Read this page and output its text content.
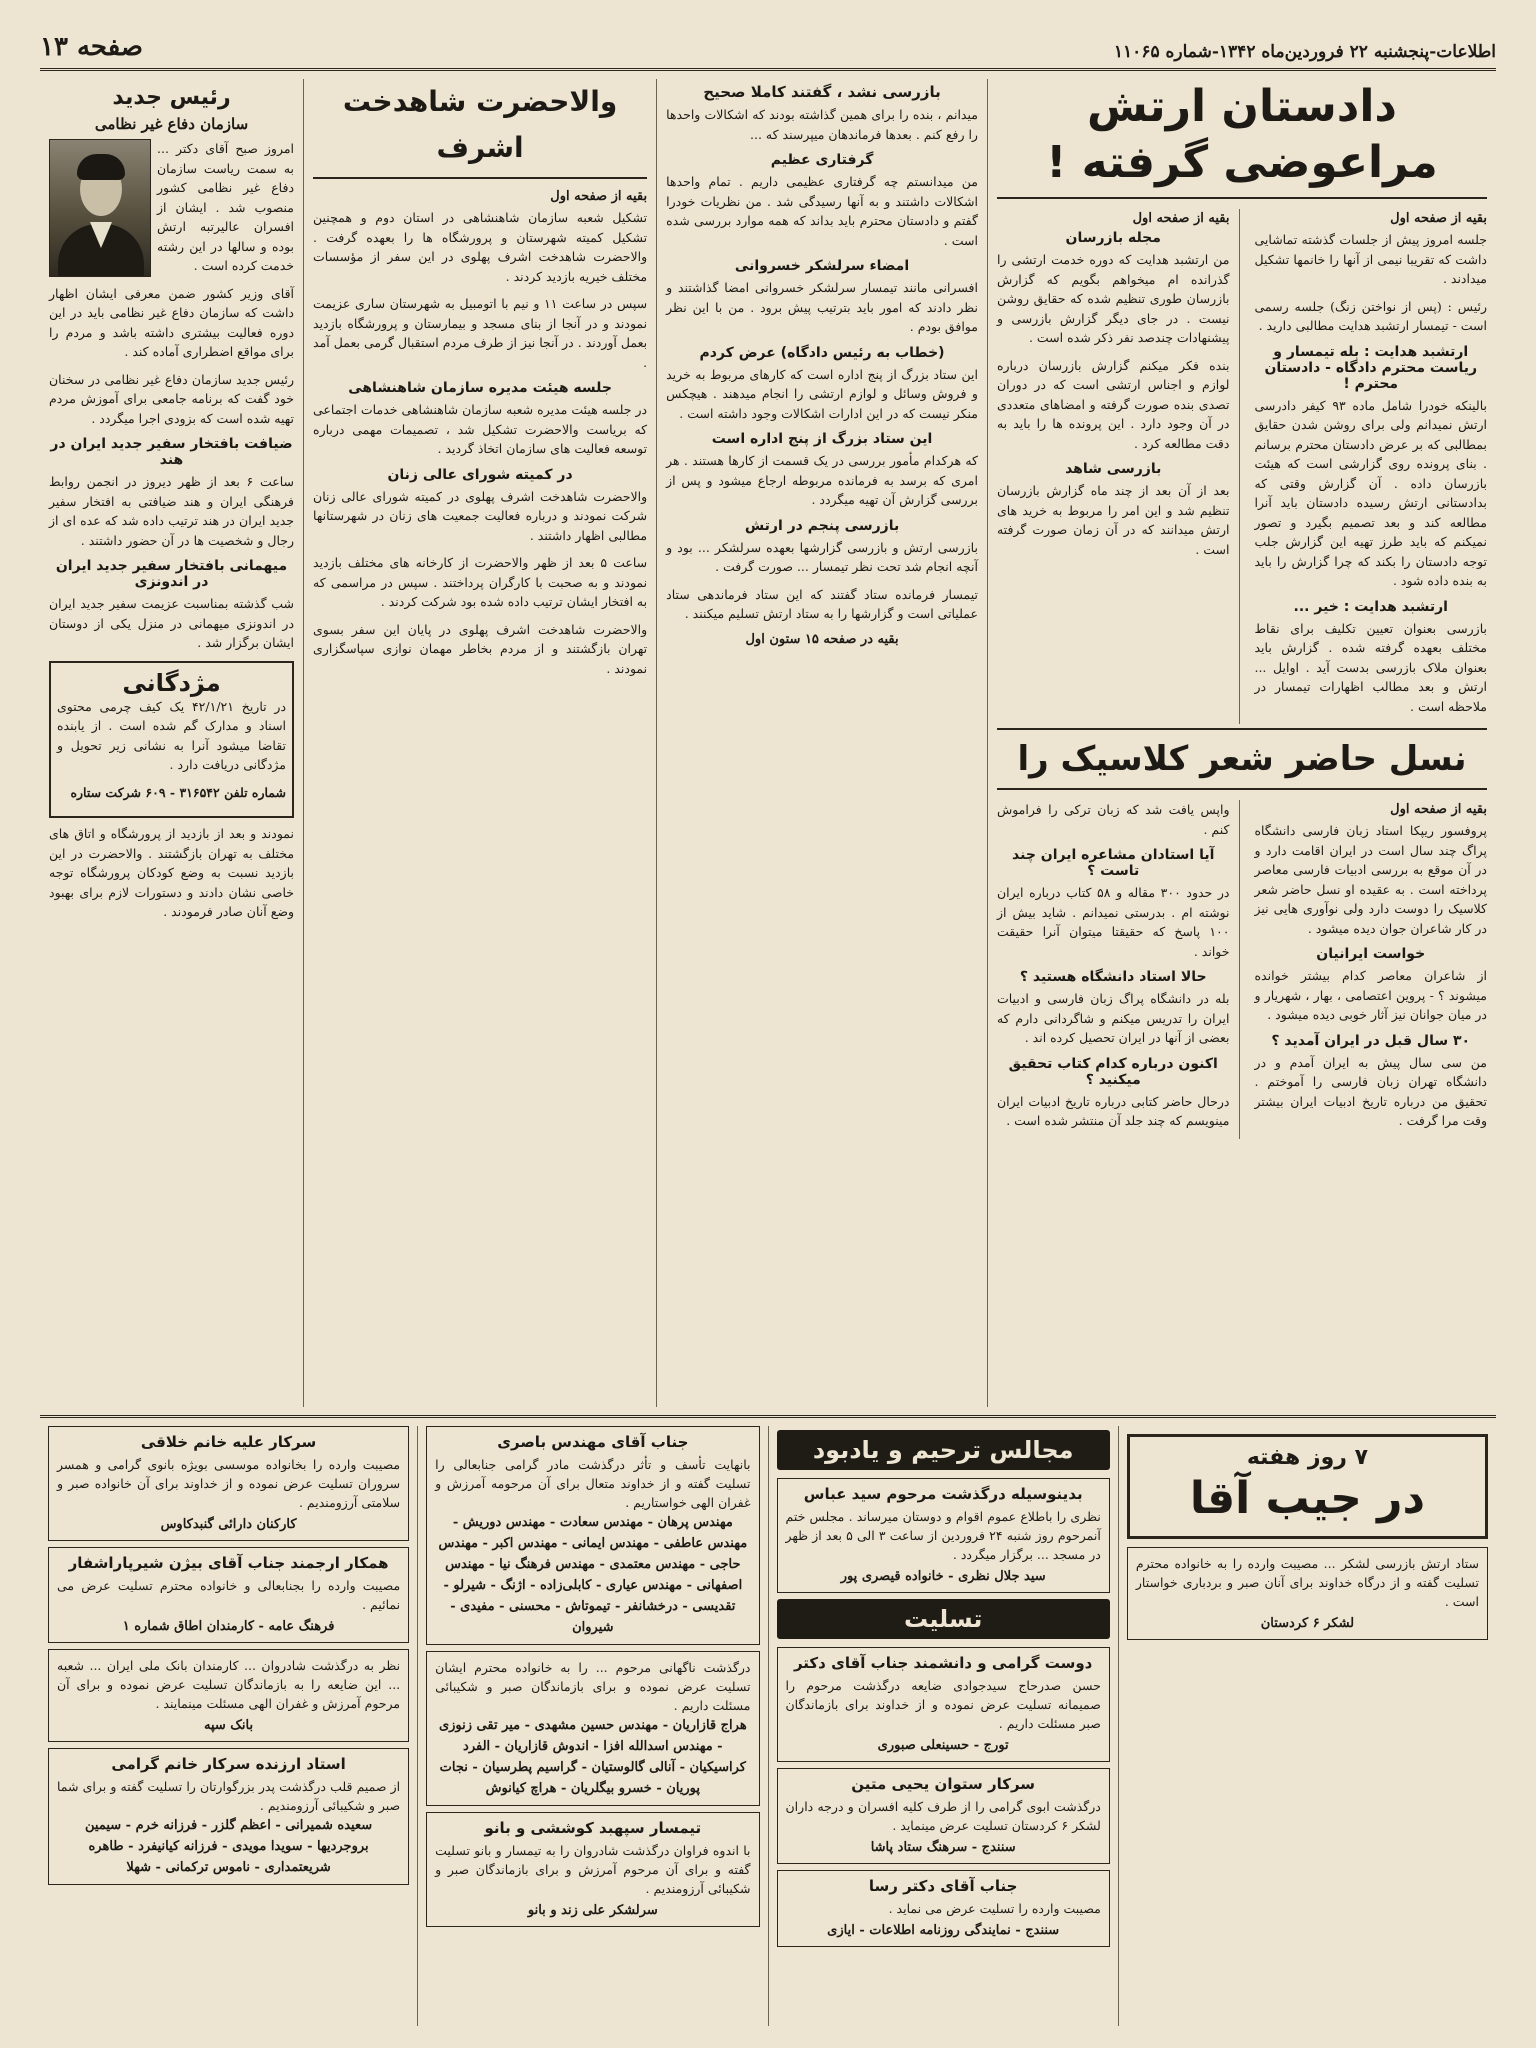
اطلاعات-پنجشنبه ۲۲ فروردین‌ماه ۱۳۴۲-شماره ۱۱۰۶۵
صفحه ۱۳
دادستان ارتش مراعوضی گرفته !
بقیه از صفحه اول

جلسه امروز پیش از جلسات گذشته تماشایی داشت که تقریبا نیمی از آنها را خانمها تشکیل میدادند .

رئیس : (پس از نواختن زنگ) جلسه رسمی است - تیمسار ارتشبد هدایت مطالبی دارید .

ارتشبد هدایت : بله تیمسار و ریاست محترم دادگاه - دادستان محترم !

بالینکه خودرا شامل ماده ۹۳ کیفر دادرسی ارتش نمیدانم ولی برای روشن شدن حقایق بمطالبی که بر عرض دادستان محترم برسانم . بنای پرونده روی گزارشی است که هیئت بازرسان داده . آن گزارش وقتی که بدادستانی ارتش رسیده دادستان باید آنرا مطالعه کند و بعد تصمیم بگیرد و تصور نمیکنم که باید طرز تهیه این گزارش جلب توجه دادستان را بکند که چرا گزارش را باید به بنده داده شود .

ارتشبد هدایت : خیر ...

بازرسی بعنوان تعیین تکلیف برای نقاط مختلف بعهده گرفته شده . گزارش باید بعنوان ملاک بازرسی بدست آید . اوایل ... ارتش و بعد مطالب اظهارات تیمسار در ملاحظه است .

بقیه از صفحه اول
مجله بازرسان

من ارتشبد هدایت که دوره خدمت ارتشی را گذرانده ام میخواهم بگویم که گزارش بازرسان طوری تنظیم شده که حقایق روشن نیست . در جای دیگر گزارش بازرسی و پیشنهادات چندصد نفر ذکر شده است .

بنده فکر میکنم گزارش بازرسان درباره لوازم و اجناس ارتشی است که در دوران تصدی بنده صورت گرفته و امضاهای متعددی در آن وجود دارد . این پرونده ها را باید به دقت مطالعه کرد .

بازرسی شاهد

بعد از آن بعد از چند ماه گزارش بازرسان تنظیم شد و این امر را مربوط به خرید های ارتش میدانند که در آن زمان صورت گرفته است .

نسل حاضر شعر کلاسیک را
بقیه از صفحه اول

پروفسور ریپکا استاد زبان فارسی دانشگاه پراگ چند سال است در ایران اقامت دارد و در آن موقع به بررسی ادبیات فارسی معاصر پرداخته است . به عقیده او نسل حاضر شعر کلاسیک را دوست دارد ولی نوآوری هایی نیز در کار شاعران جوان دیده میشود .

خواست ایرانیان

از شاعران معاصر کدام بیشتر خوانده میشوند ؟ - پروین اعتصامی ، بهار ، شهریار و در میان جوانان نیز آثار خوبی دیده میشود .

۳۰ سال قبل در ایران آمدید ؟

من سی سال پیش به ایران آمدم و در دانشگاه تهران زبان فارسی را آموختم . تحقیق من درباره تاریخ ادبیات ایران بیشتر وقت مرا گرفت .

واپس یافت شد که زبان ترکی را فراموش کنم .

آیا استادان مشاعره ایران چند تاست ؟

در حدود ۳۰۰ مقاله و ۵۸ کتاب درباره ایران نوشته ام . بدرستی نمیدانم . شاید بیش از ۱۰۰ پاسخ که حقیقتا میتوان آنرا حقیقت خواند .

حالا استاد دانشگاه هستید ؟

بله در دانشگاه پراگ زبان فارسی و ادبیات ایران را تدریس میکنم و شاگردانی دارم که بعضی از آنها در ایران تحصیل کرده اند .

اکنون درباره کدام کتاب تحقیق میکنید ؟

درحال حاضر کتابی درباره تاریخ ادبیات ایران مینویسم که چند جلد آن منتشر شده است .

بازرسی نشد ، گفتند کاملا صحیح

میدانم ، بنده را برای همین گذاشته بودند که اشکالات واحدها را رفع کنم . بعدها فرماندهان میپرسند که ...

گرفتاری عظیم

من میدانستم چه گرفتاری عظیمی داریم . تمام واحدها اشکالات داشتند و به آنها رسیدگی شد . من نظریات خودرا گفتم و دادستان محترم باید بداند که همه موارد بررسی شده است .

امضاء سرلشکر خسروانی

افسرانی مانند تیمسار سرلشکر خسروانی امضا گذاشتند و نظر دادند که امور باید بترتیب پیش برود . من با این نظر موافق بودم .

(خطاب به رئیس دادگاه) عرض کردم

این ستاد بزرگ از پنج اداره است که کارهای مربوط به خرید و فروش وسائل و لوازم ارتشی را انجام میدهند . هیچکس منکر نیست که در این ادارات اشکالات وجود داشته است .

این ستاد بزرگ از پنج اداره است

که هرکدام مأمور بررسی در یک قسمت از کارها هستند . هر امری که برسد به فرمانده مربوطه ارجاع میشود و پس از بررسی گزارش آن تهیه میگردد .

بازرسی پنجم در ارتش

بازرسی ارتش و بازرسی گزارشها بعهده سرلشکر ... بود و آنچه انجام شد تحت نظر تیمسار ... صورت گرفت .

تیمسار فرمانده ستاد گفتند که این ستاد فرماندهی ستاد عملیاتی است و گزارشها را به ستاد ارتش تسلیم میکنند .

بقیه در صفحه ۱۵ ستون اول
والاحضرت شاهدخت اشرف
بقیه از صفحه اول

تشکیل شعبه سازمان شاهنشاهی در استان دوم و همچنین تشکیل کمیته شهرستان و پرورشگاه ها را بعهده گرفت . والاحضرت شاهدخت اشرف پهلوی در این سفر از مؤسسات مختلف خیریه بازدید کردند .

سپس در ساعت ۱۱ و نیم با اتومبیل به شهرستان ساری عزیمت نمودند و در آنجا از بنای مسجد و بیمارستان و پرورشگاه بازدید بعمل آوردند . در آنجا نیز از طرف مردم استقبال گرمی بعمل آمد .

جلسه هیئت مدیره سازمان شاهنشاهی

در جلسه هیئت مدیره شعبه سازمان شاهنشاهی خدمات اجتماعی که بریاست والاحضرت تشکیل شد ، تصمیمات مهمی درباره توسعه فعالیت های سازمان اتخاذ گردید .

در کمیته شورای عالی زنان

والاحضرت شاهدخت اشرف پهلوی در کمیته شورای عالی زنان شرکت نمودند و درباره فعالیت جمعیت های زنان در شهرستانها مطالبی اظهار داشتند .

ساعت ۵ بعد از ظهر والاحضرت از کارخانه های مختلف بازدید نمودند و به صحبت با کارگران پرداختند . سپس در مراسمی که به افتخار ایشان ترتیب داده شده بود شرکت کردند .

والاحضرت شاهدخت اشرف پهلوی در پایان این سفر بسوی تهران بازگشتند و از مردم بخاطر مهمان نوازی سپاسگزاری نمودند .

رئیس جدید
سازمان دفاع غیر نظامی

امروز صبح آقای دکتر ... به سمت ریاست سازمان دفاع غیر نظامی کشور منصوب شد . ایشان از افسران عالیرتبه ارتش بوده و سالها در این رشته خدمت کرده است .

آقای وزیر کشور ضمن معرفی ایشان اظهار داشت که سازمان دفاع غیر نظامی باید در این دوره فعالیت بیشتری داشته باشد و مردم را برای مواقع اضطراری آماده کند .

رئیس جدید سازمان دفاع غیر نظامی در سخنان خود گفت که برنامه جامعی برای آموزش مردم تهیه شده است که بزودی اجرا میگردد .

ضیافت بافتخار سفیر جدید ایران در هند

ساعت ۶ بعد از ظهر دیروز در انجمن روابط فرهنگی ایران و هند ضیافتی به افتخار سفیر جدید ایران در هند ترتیب داده شد که عده ای از رجال و شخصیت ها در آن حضور داشتند .

میهمانی بافتخار سفیر جدید ایران در اندونزی

شب گذشته بمناسبت عزیمت سفیر جدید ایران در اندونزی میهمانی در منزل یکی از دوستان ایشان برگزار شد .

مژدگانی

در تاریخ ۴۲/۱/۲۱ یک کیف چرمی محتوی اسناد و مدارک گم شده است . از یابنده تقاضا میشود آنرا به نشانی زیر تحویل و مژدگانی دریافت دارد .

شماره تلفن ۳۱۶۵۴۲ - ۶۰۹ شرکت ستاره

نمودند و بعد از بازدید از پرورشگاه و اتاق های مختلف به تهران بازگشتند . والاحضرت در این بازدید نسبت به وضع کودکان پرورشگاه توجه خاصی نشان دادند و دستورات لازم برای بهبود وضع آنان صادر فرمودند .

۷ روز هفته
در جیب آقا

ستاد ارتش بازرسی لشکر ... مصیبت وارده را به خانواده محترم تسلیت گفته و از درگاه خداوند برای آنان صبر و بردباری خواستار است .

لشکر ۶ کردستان
مجالس ترحیم و یادبود
بدینوسیله درگذشت مرحوم سید عباس

نظری را باطلاع عموم اقوام و دوستان میرساند . مجلس ختم آنمرحوم روز شنبه ۲۴ فروردین از ساعت ۳ الی ۵ بعد از ظهر در مسجد ... برگزار میگردد .

سید جلال نظری - خانواده قیصری پور
تسلیت
دوست گرامی و دانشمند جناب آقای دکتر

حسن صدرحاج سیدجوادی ضایعه درگذشت مرحوم را صمیمانه تسلیت عرض نموده و از خداوند برای بازماندگان صبر مسئلت داریم .

تورج - حسینعلی صبوری
سرکار ستوان یحیی متین

درگذشت ابوی گرامی را از طرف کلیه افسران و درجه داران لشکر ۶ کردستان تسلیت عرض مینماید .

سنندج - سرهنگ ستاد پاشا
جناب آقای دکتر رسا

مصیبت وارده را تسلیت عرض می نماید .

سنندج - نمایندگی روزنامه اطلاعات - ایازی
جناب آقای مهندس باصری

بانهایت تأسف و تأثر درگذشت مادر گرامی جنابعالی را تسلیت گفته و از خداوند متعال برای آن مرحومه آمرزش و غفران الهی خواستاریم .

مهندس پرهان - مهندس سعادت - مهندس دوریش - مهندس عاطفی - مهندس ایمانی - مهندس اکبر - مهندس حاجی - مهندس معتمدی - مهندس فرهنگ نیا - مهندس اصفهانی - مهندس عیاری - کابلی‌زاده - اژنگ - شیرلو - تقدیسی - درخشانفر - تیموتاش - محسنی - مفیدی - شیروان

درگذشت ناگهانی مرحوم ... را به خانواده محترم ایشان تسلیت عرض نموده و برای بازماندگان صبر و شکیبائی مسئلت داریم .

هراج قازاریان - مهندس حسین مشهدی - میر تقی زنوزی - مهندس اسدالله افزا - اندوش قازاریان - الفرد کراسیکیان - آنالی گالوستیان - گراسیم پطرسیان - نجات پوریان - خسرو بیگلریان - هراچ کیانوش
تیمسار سپهبد کوششی و بانو

با اندوه فراوان درگذشت شادروان را به تیمسار و بانو تسلیت گفته و برای آن مرحوم آمرزش و برای بازماندگان صبر و شکیبائی آرزومندیم .

سرلشکر علی زند و بانو
سرکار علیه خانم خلاقی

مصیبت وارده را بخانواده موسسی بویژه بانوی گرامی و همسر سروران تسلیت عرض نموده و از خداوند برای آن خانواده صبر و سلامتی آرزومندیم .

کارکنان دارائی گنبدکاوس
همکار ارجمند جناب آقای بیژن شیرپاراشفار

مصیبت وارده را بجنابعالی و خانواده محترم تسلیت عرض می نمائیم .

فرهنگ عامه - کارمندان اطاق شماره ۱

نظر به درگذشت شادروان ... کارمندان بانک ملی ایران ... شعبه ... این ضایعه را به بازماندگان تسلیت عرض نموده و برای آن مرحوم آمرزش و غفران الهی مسئلت مینمایند .

بانک سپه
استاد ارزنده سرکار خانم گرامی

از صمیم قلب درگذشت پدر بزرگوارتان را تسلیت گفته و برای شما صبر و شکیبائی آرزومندیم .

سعیده شمیرانی - اعظم گلزر - فرزانه خرم - سیمین بروجردیها - سویدا مویدی - فرزانه کیانیفرد - طاهره شریعتمداری - ناموس ترکمانی - شهلا
